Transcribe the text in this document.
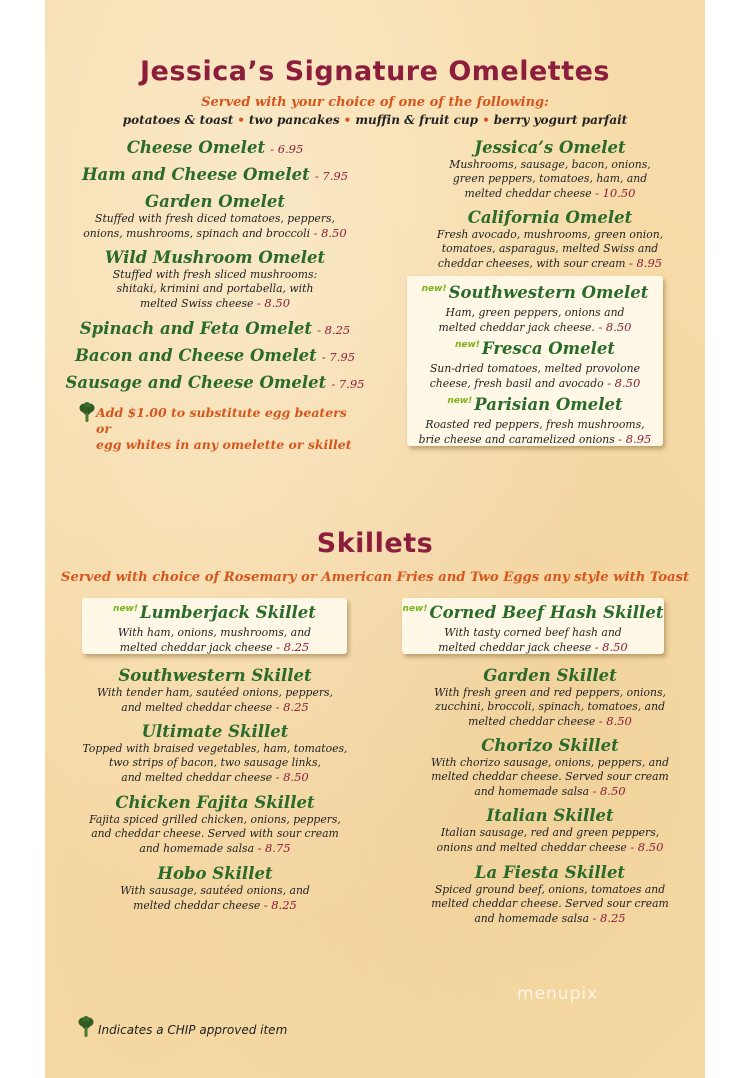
Jessica’s Signature Omelettes
Served with your choice of one of the following:
potatoes & toast • two pancakes • muffin & fruit cup • berry yogurt parfait
Cheese Omelet - 6.95
Ham and Cheese Omelet - 7.95
Garden Omelet
Stuffed with fresh diced tomatoes, peppers,
onions, mushrooms, spinach and broccoli - 8.50
Wild Mushroom Omelet
Stuffed with fresh sliced mushrooms:
shitaki, krimini and portabella, with
melted Swiss cheese - 8.50
Spinach and Feta Omelet - 8.25
Bacon and Cheese Omelet - 7.95
Sausage and Cheese Omelet - 7.95
Add $1.00 to substitute egg beaters or
egg whites in any omelette or skillet
Jessica’s Omelet
Mushrooms, sausage, bacon, onions,
green peppers, tomatoes, ham, and
melted cheddar cheese - 10.50
California Omelet
Fresh avocado, mushrooms, green onion,
tomatoes, asparagus, melted Swiss and
cheddar cheeses, with sour cream - 8.95
$^{new!}$ Southwestern Omelet
Ham, green peppers, onions and
melted cheddar jack cheese. - 8.50
$^{new!}$ Fresca Omelet
Sun-dried tomatoes, melted provolone
cheese, fresh basil and avocado - 8.50
$^{new!}$ Parisian Omelet
Roasted red peppers, fresh mushrooms,
brie cheese and caramelized onions - 8.95
Skillets
Served with choice of Rosemary or American Fries and Two Eggs any style with Toast
$^{new!}$ Lumberjack Skillet
With ham, onions, mushrooms, and
melted cheddar jack cheese - 8.25
$^{new!}$ Corned Beef Hash Skillet
With tasty corned beef hash and
melted cheddar jack cheese - 8.50
Southwestern Skillet
With tender ham, sautéed onions, peppers,
and melted cheddar cheese - 8.25
Ultimate Skillet
Topped with braised vegetables, ham, tomatoes,
two strips of bacon, two sausage links,
and melted cheddar cheese - 8.50
Chicken Fajita Skillet
Fajita spiced grilled chicken, onions, peppers,
and cheddar cheese. Served with sour cream
and homemade salsa - 8.75
Hobo Skillet
With sausage, sautéed onions, and
melted cheddar cheese - 8.25
Garden Skillet
With fresh green and red peppers, onions,
zucchini, broccoli, spinach, tomatoes, and
melted cheddar cheese - 8.50
Chorizo Skillet
With chorizo sausage, onions, peppers, and
melted cheddar cheese. Served sour cream
and homemade salsa - 8.50
Italian Skillet
Italian sausage, red and green peppers,
onions and melted cheddar cheese - 8.50
La Fiesta Skillet
Spiced ground beef, onions, tomatoes and
melted cheddar cheese. Served sour cream
and homemade salsa - 8.25
menupix
Indicates a CHIP approved item
